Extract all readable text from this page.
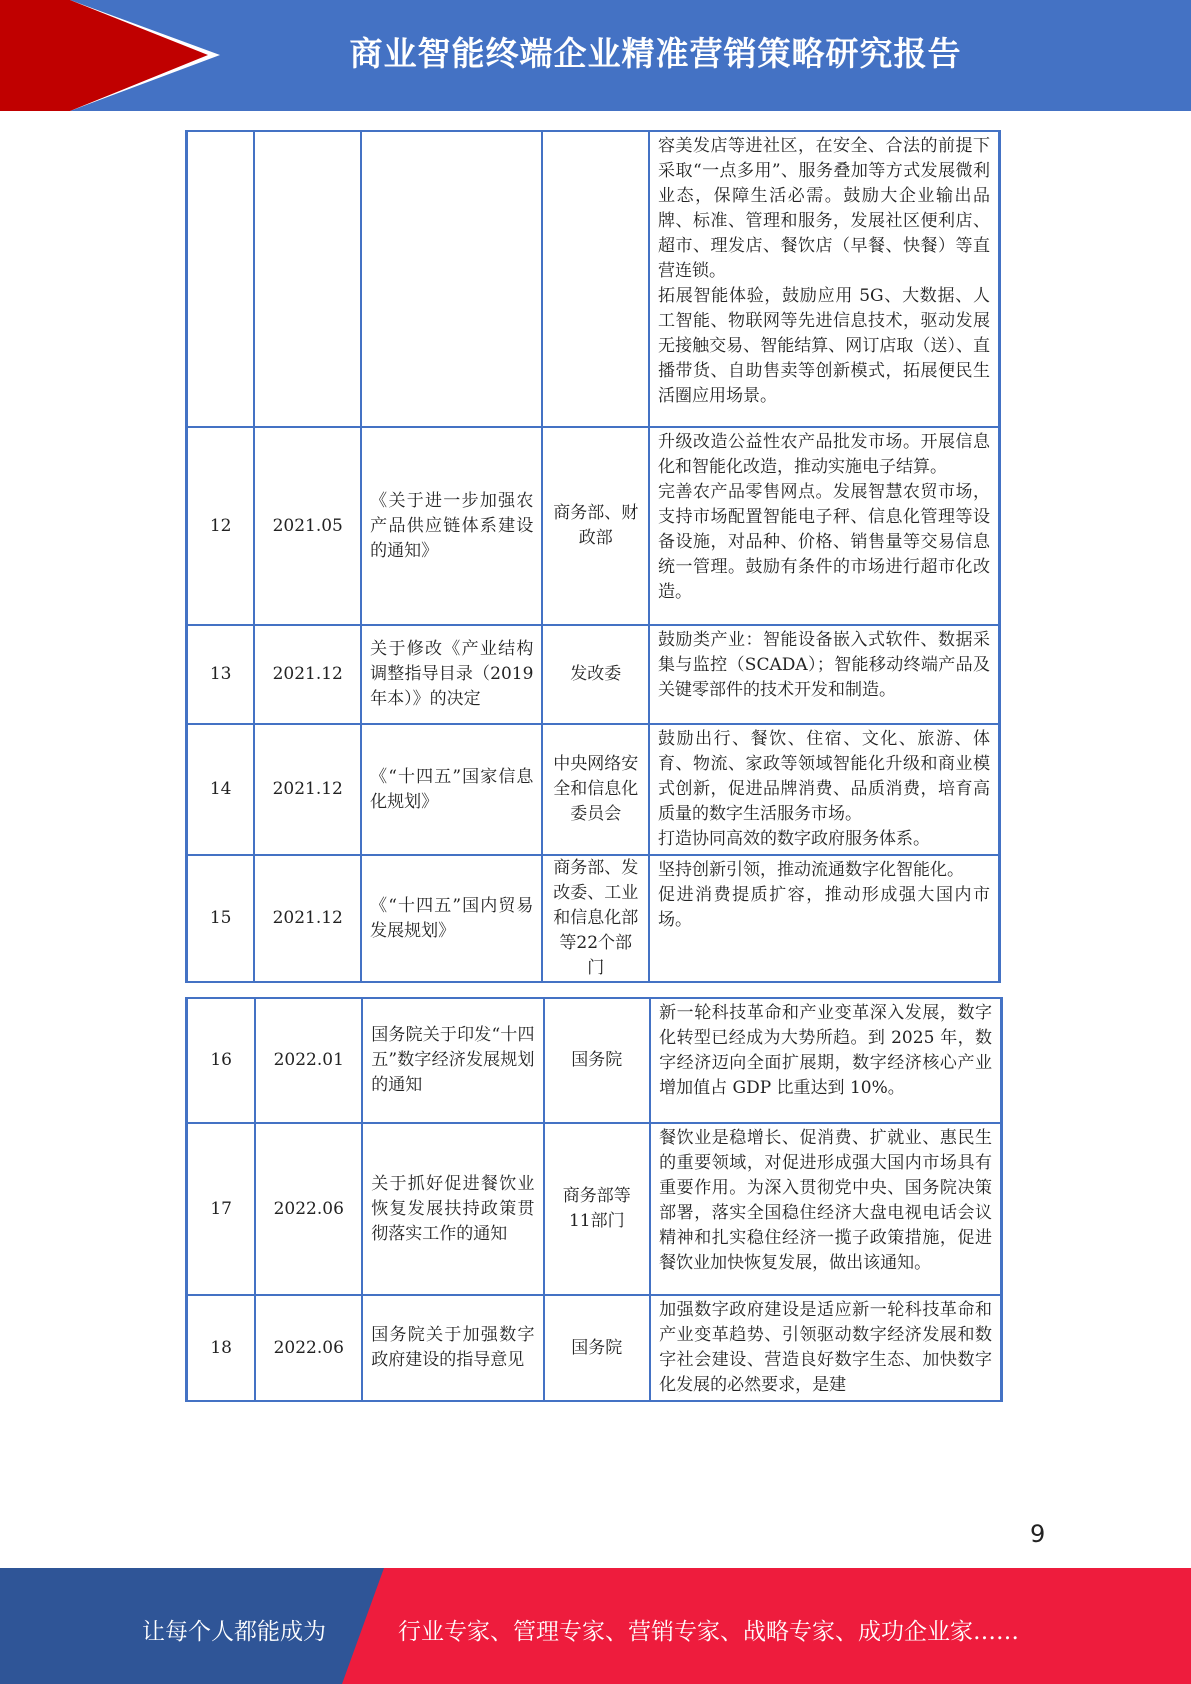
商业智能终端企业精准营销策略研究报告
				容美发店等进社区，在安全、合法的前提下采取“一点多用”、服务叠加等方式发展微利业态，保障生活必需。鼓励大企业输出品牌、标准、管理和服务，发展社区便利店、超市、理发店、餐饮店（早餐、快餐）等直营连锁。
拓展智能体验，鼓励应用 5G、大数据、人工智能、物联网等先进信息技术，驱动发展无接触交易、智能结算、网订店取（送）、直播带货、自助售卖等创新模式，拓展便民生活圈应用场景。
12	2021.05	《关于进一步加强农产品供应链体系建设的通知》	商务部、财政部	升级改造公益性农产品批发市场。开展信息化和智能化改造，推动实施电子结算。
完善农产品零售网点。发展智慧农贸市场，支持市场配置智能电子秤、信息化管理等设备设施，对品种、价格、销售量等交易信息统一管理。鼓励有条件的市场进行超市化改造。
13	2021.12	关于修改《产业结构调整指导目录（2019 年本）》的决定	发改委	鼓励类产业：智能设备嵌入式软件、数据采集与监控（SCADA）；智能移动终端产品及关键零部件的技术开发和制造。
14	2021.12	《“十四五”国家信息化规划》	中央网络安全和信息化委员会	鼓励出行、餐饮、住宿、文化、旅游、体育、物流、家政等领域智能化升级和商业模式创新，促进品牌消费、品质消费，培育高质量的数字生活服务市场。
打造协同高效的数字政府服务体系。
15	2021.12	《“十四五”国内贸易发展规划》	商务部、发改委、工业和信息化部等22个部门	坚持创新引领，推动流通数字化智能化。
促进消费提质扩容，推动形成强大国内市场。
16	2022.01	国务院关于印发“十四五”数字经济发展规划的通知	国务院	新一轮科技革命和产业变革深入发展，数字化转型已经成为大势所趋。到 2025 年，数字经济迈向全面扩展期，数字经济核心产业增加值占 GDP 比重达到 10%。
17	2022.06	关于抓好促进餐饮业恢复发展扶持政策贯彻落实工作的通知	商务部等11部门	餐饮业是稳增长、促消费、扩就业、惠民生的重要领域，对促进形成强大国内市场具有重要作用。为深入贯彻党中央、国务院决策部署，落实全国稳住经济大盘电视电话会议精神和扎实稳住经济一揽子政策措施，促进餐饮业加快恢复发展，做出该通知。
18	2022.06	国务院关于加强数字政府建设的指导意见	国务院	加强数字政府建设是适应新一轮科技革命和产业变革趋势、引领驱动数字经济发展和数字社会建设、营造良好数字生态、加快数字化发展的必然要求，是建
9
让每个人都能成为	行业专家、管理专家、营销专家、战略专家、成功企业家……
